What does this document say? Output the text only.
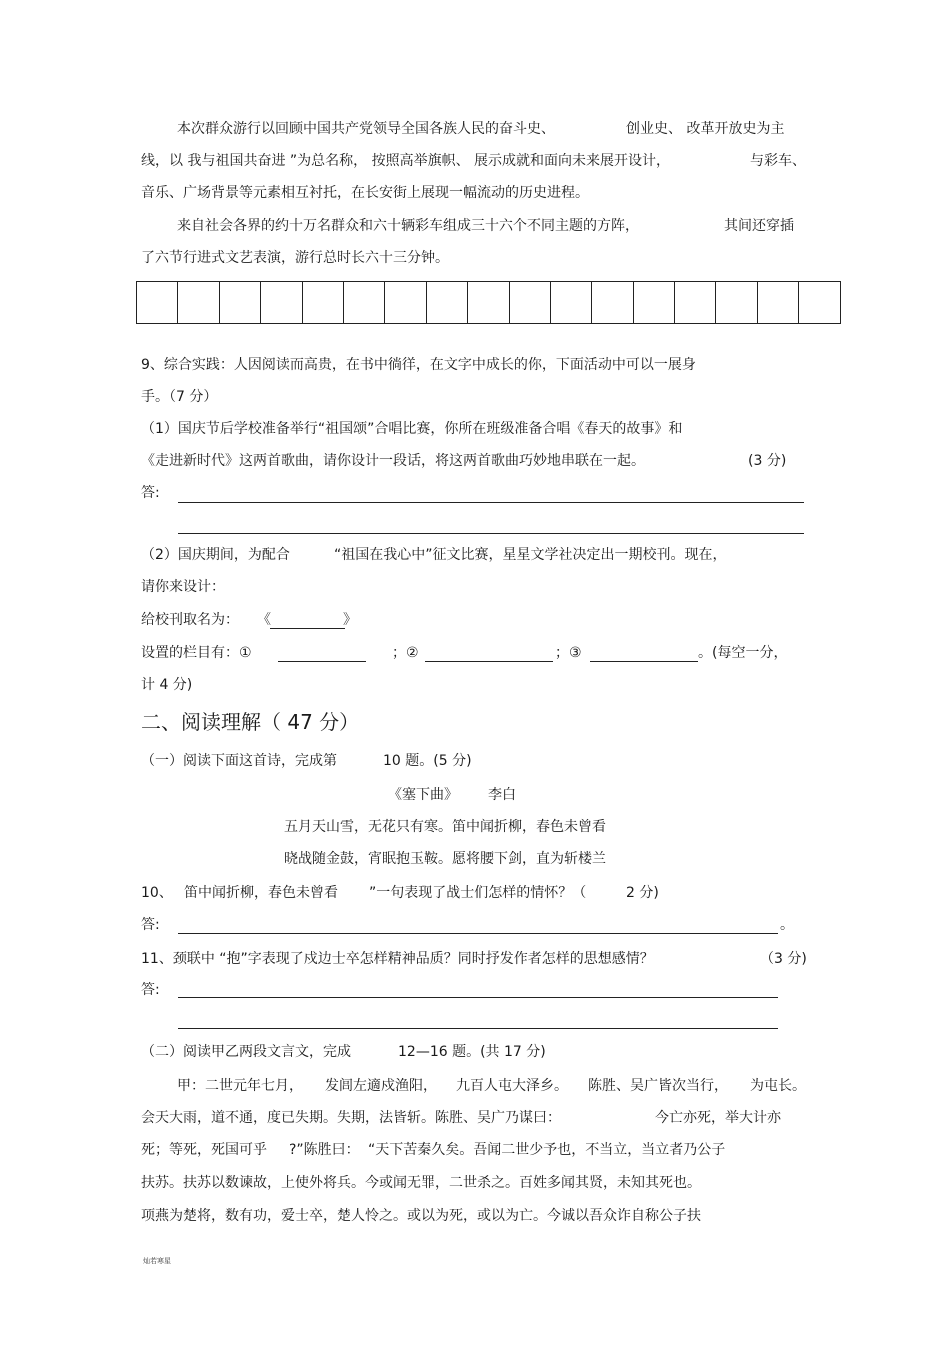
本次群众游行以回顾中国共产党领导全国各族人民的奋斗史、	创业史、 改革开放史为主
线，以 我与祖国共奋进 ”为总名称， 按照高举旗帜、 展示成就和面向未来展开设计，	与彩车、
音乐、广场背景等元素相互衬托，在长安街上展现一幅流动的历史进程。
来自社会各界的约十万名群众和六十辆彩车组成三十六个不同主题的方阵，	其间还穿插
了六节行进式文艺表演，游行总时长六十三分钟。
9、综合实践：人因阅读而高贵，在书中徜徉，在文字中成长的你，下面活动中可以一展身
手。（7 分）
（1）国庆节后学校准备举行“祖国颂”合唱比赛，你所在班级准备合唱《春天的故事》和
《走进新时代》这两首歌曲，请你设计一段话，将这两首歌曲巧妙地串联在一起。	(3 分)
答:
（2）国庆期间，为配合	“祖国在我心中”征文比赛，星星文学社决定出一期校刊。现在，
请你来设计：
给校刊取名为： 《	》
设置的栏目有：①	；②	；③	。(每空一分，
计 4 分)
二、阅读理解（ 47 分）
（一）阅读下面这首诗，完成第	10 题。(5 分)
《塞下曲》 李白
五月天山雪，无花只有寒。笛中闻折柳，春色未曾看
晓战随金鼓，宵眠抱玉鞍。愿将腰下剑，直为斩楼兰
10、 笛中闻折柳，春色未曾看 ”一句表现了战士们怎样的情怀？（	2 分)
答:	。
11、颈联中 “抱”字表现了戍边士卒怎样精神品质？同时抒发作者怎样的思想感情？	（3 分)
答:
（二）阅读甲乙两段文言文，完成	12—16 题。(共 17 分)
甲：二世元年七月， 发闾左適戍渔阳， 九百人屯大泽乡。 陈胜、吴广皆次当行， 为屯长。
会天大雨，道不通，度已失期。失期，法皆斩。陈胜、吴广乃谋曰：	今亡亦死，举大计亦
死；等死，死国可乎 ?”陈胜曰： “天下苦秦久矣。吾闻二世少予也，不当立，当立者乃公子
扶苏。扶苏以数谏故，上使外将兵。今或闻无罪，二世杀之。百姓多闻其贤，未知其死也。
项燕为楚将，数有功，爱士卒，楚人怜之。或以为死，或以为亡。今诚以吾众诈自称公子扶
灿若寒星
